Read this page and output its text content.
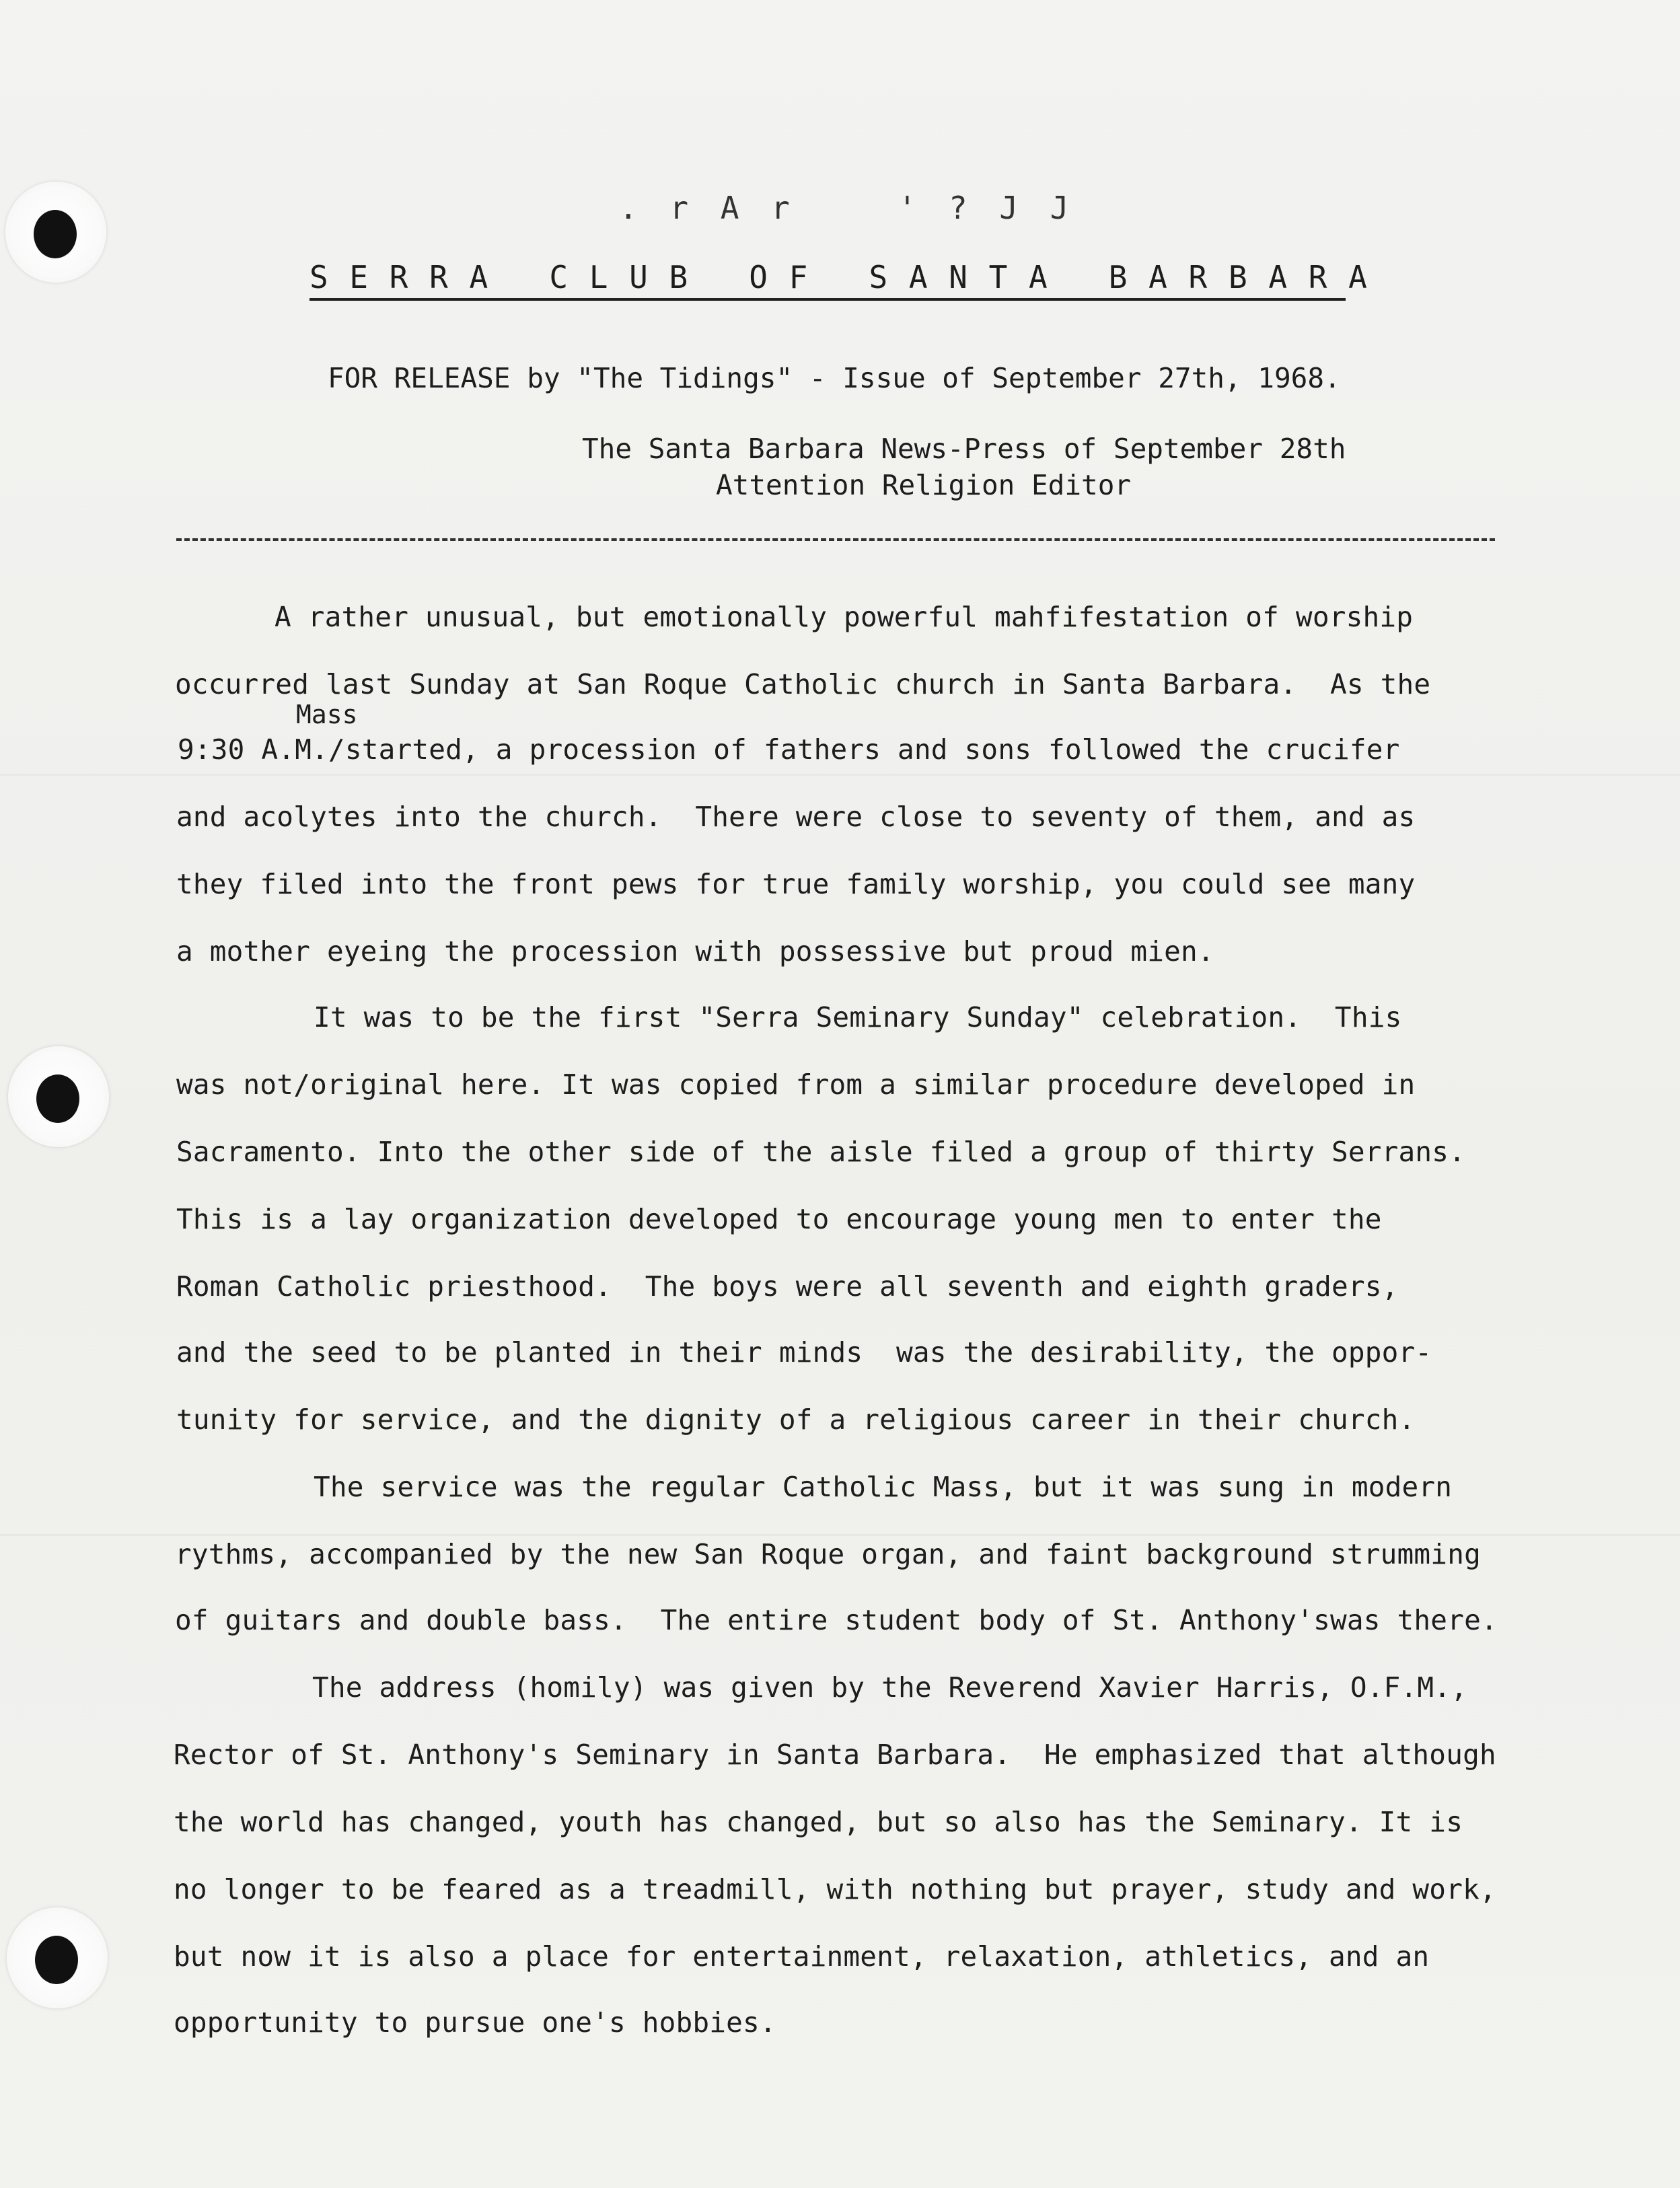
. r A r    ' ? J J
S E R R A   C L U B   O F   S A N T A   B A R B A R A
FOR RELEASE by "The Tidings" - Issue of September 27th, 1968.
The Santa Barbara News-Press of September 28th
Attention Religion Editor
Mass
A rather unusual, but emotionally powerful mahfifestation of worship
occurred last Sunday at San Roque Catholic church in Santa Barbara.  As the
9:30 A.M./started, a procession of fathers and sons followed the crucifer
and acolytes into the church.  There were close to seventy of them, and as
they filed into the front pews for true family worship, you could see many
a mother eyeing the procession with possessive but proud mien.
It was to be the first "Serra Seminary Sunday" celebration.  This
was not/original here. It was copied from a similar procedure developed in
Sacramento. Into the other side of the aisle filed a group of thirty Serrans.
This is a lay organization developed to encourage young men to enter the
Roman Catholic priesthood.  The boys were all seventh and eighth graders,
and the seed to be planted in their minds  was the desirability, the oppor-
tunity for service, and the dignity of a religious career in their church.
The service was the regular Catholic Mass, but it was sung in modern
rythms, accompanied by the new San Roque organ, and faint background strumming
of guitars and double bass.  The entire student body of St. Anthony'swas there.
The address (homily) was given by the Reverend Xavier Harris, O.F.M.,
Rector of St. Anthony's Seminary in Santa Barbara.  He emphasized that although
the world has changed, youth has changed, but so also has the Seminary. It is
no longer to be feared as a treadmill, with nothing but prayer, study and work,
but now it is also a place for entertainment, relaxation, athletics, and an
opportunity to pursue one's hobbies.
